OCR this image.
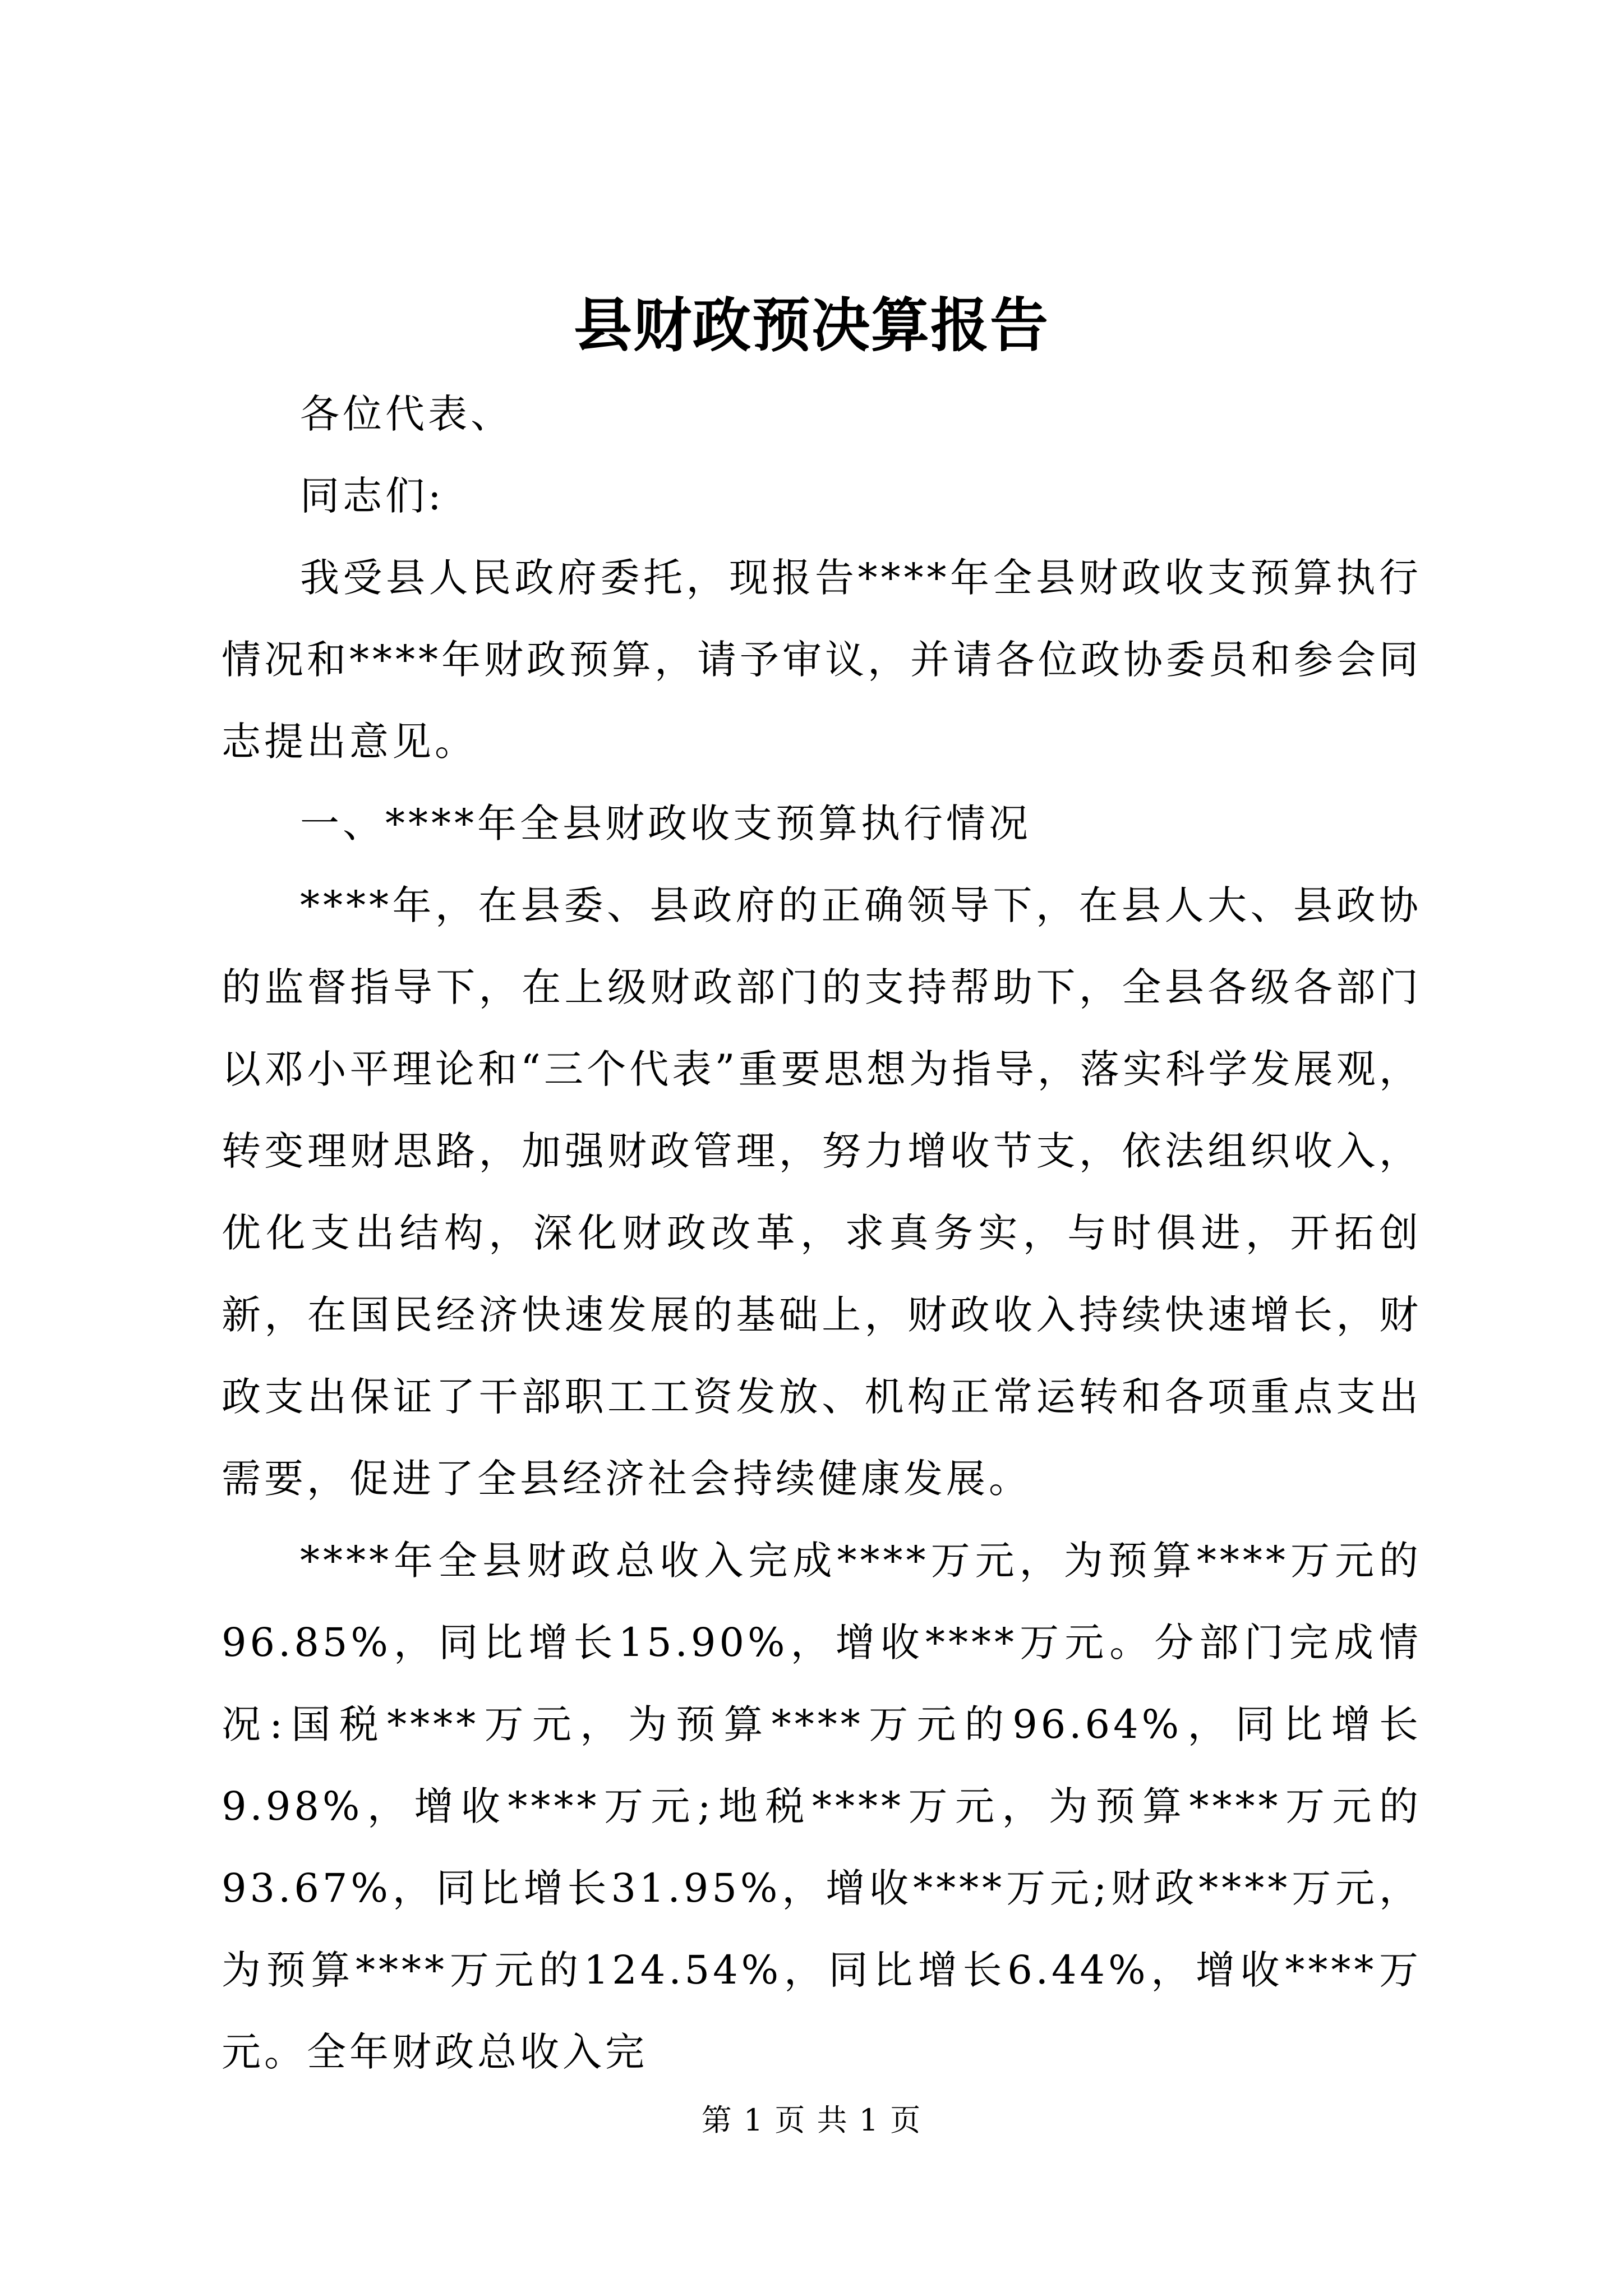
县财政预决算报告

各位代表、

同志们:

我受县人民政府委托，现报告****年全县财政收支预算执行情况和****年财政预算，请予审议，并请各位政协委员和参会同志提出意见。

一、****年全县财政收支预算执行情况

****年，在县委、县政府的正确领导下，在县人大、县政协的监督指导下，在上级财政部门的支持帮助下，全县各级各部门以邓小平理论和“三个代表”重要思想为指导，落实科学发展观，转变理财思路，加强财政管理，努力增收节支，依法组织收入，优化支出结构，深化财政改革，求真务实，与时俱进，开拓创新，在国民经济快速发展的基础上，财政收入持续快速增长，财政支出保证了干部职工工资发放、机构正常运转和各项重点支出需要，促进了全县经济社会持续健康发展。

****年全县财政总收入完成****万元，为预算****万元的96.85%，同比增长15.90%，增收****万元。分部门完成情况:国税****万元，为预算****万元的96.64%，同比增长9.98%，增收****万元;地税****万元，为预算****万元的93.67%，同比增长31.95%，增收****万元;财政****万元，为预算****万元的124.54%，同比增长6.44%，增收****万元。全年财政总收入完

第 1 页 共 1 页
